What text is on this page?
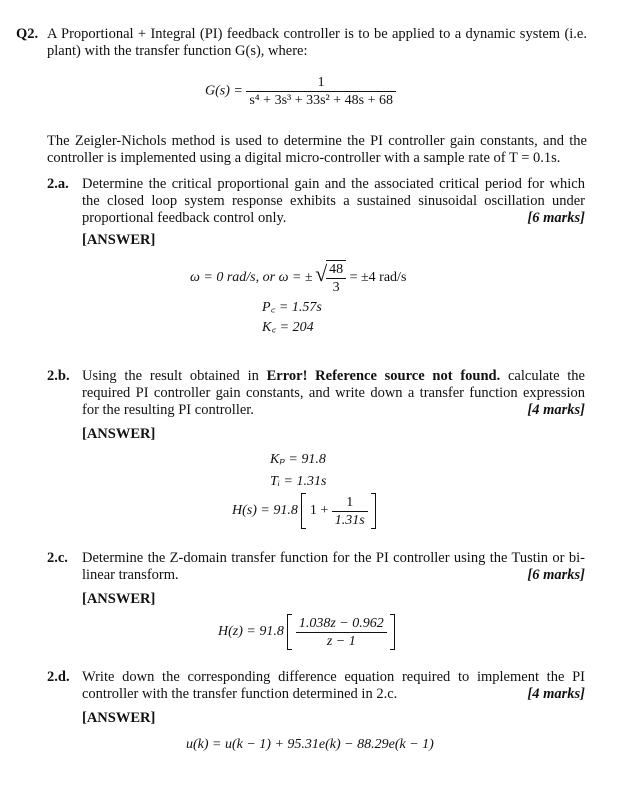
Q2. A Proportional + Integral (PI) feedback controller is to be applied to a dynamic system (i.e. plant) with the transfer function G(s), where:
$G(s) = \frac{1}{\text{s⁴ + 3s³ + 33s² + 48s + 68}}$
The Zeigler-Nichols method is used to determine the PI controller gain constants, and the controller is implemented using a digital micro-controller with a sample rate of T = 0.1s.
2.a. Determine the critical proportional gain and the associated critical period for which the closed loop system response exhibits a sustained sinusoidal oscillation under proportional feedback control only.	[6 marks]
[ANSWER]
ω = 0 rad/s, or ω = ±
√ $\frac{48}{3} = \pm 4$ rad/s
P꜀ = 1.57s
K꜀ = 204
2.b. Using the result obtained in Error! Reference source not found. calculate the required PI controller gain constants, and write down a transfer function expression for the resulting PI controller.	[4 marks]
[ANSWER]
Kₚ = 91.8
Tᵢ = 1.31s
H(s) = 91.8 $1 + \frac{1}{1.31s}$

2.c. Determine the Z-domain transfer function for the PI controller using the Tustin or bi-linear transform.	[6 marks]
[ANSWER]
$H(z) = 91.8 \frac{1.038z - 0.962}{z - 1}$

2.d. Write down the corresponding difference equation required to implement the PI controller with the transfer function determined in 2.c.	[4 marks]
[ANSWER]
u(k) = u(k − 1) + 95.31e(k) − 88.29e(k − 1)
